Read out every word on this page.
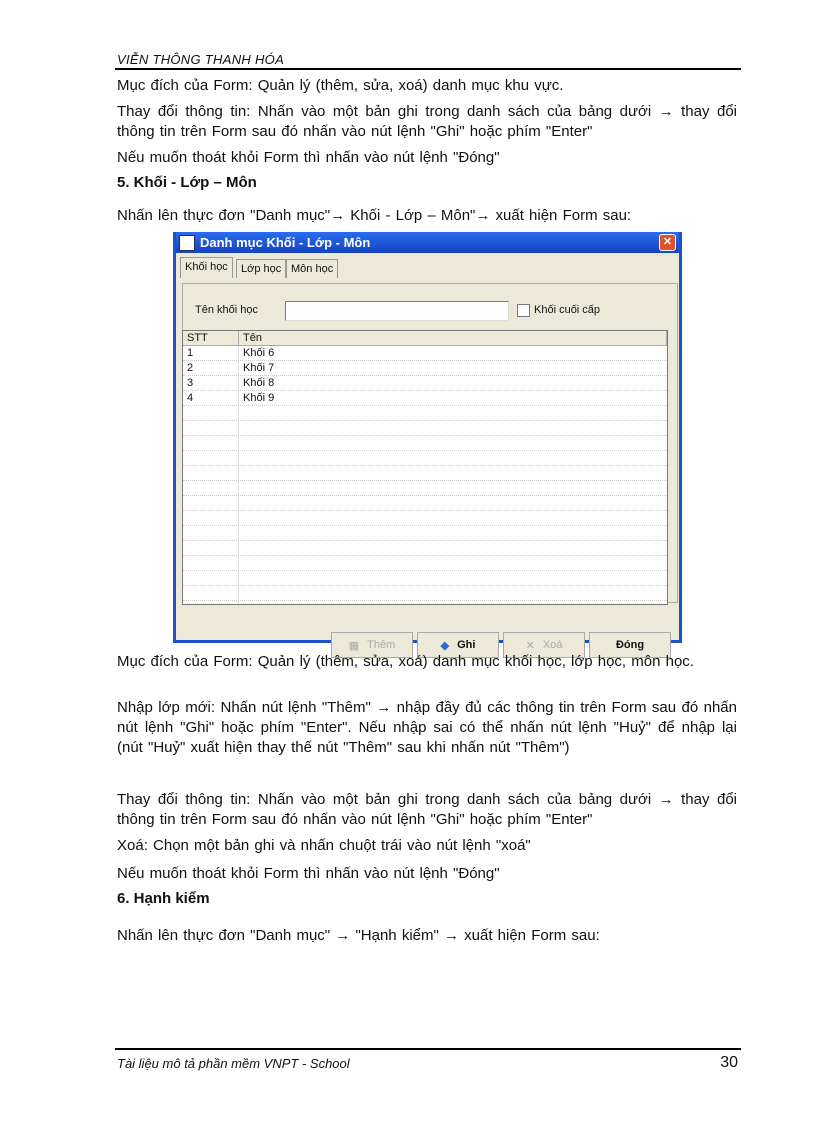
VIỄN THÔNG THANH HÓA
Mục đích của Form: Quản lý (thêm, sửa, xoá) danh mục khu vực.
Thay đổi thông tin: Nhấn vào một bản ghi trong danh sách của bảng dưới → thay đổi thông tin trên Form sau đó nhấn vào nút lệnh "Ghi" hoặc phím "Enter"
Nếu muốn thoát khỏi Form thì nhấn vào nút lệnh "Đóng"
5. Khối - Lớp – Môn
Nhấn lên thực đơn "Danh mục"→ Khối - Lớp – Môn"→ xuất hiện Form sau:
Danh mục Khối - Lớp - Môn	✕
Khối học	Lớp học Môn học
Tên khối học	Khối cuối cấp
STT	Tên
1	Khối 6
2	Khối 7
3	Khối 8
4	Khối 9
▦ Thêm	◆ Ghi	✕ Xoá	Đóng
Mục đích của Form: Quản lý (thêm, sửa, xoá) danh mục khối học, lớp học, môn học.
Nhập lớp mới: Nhấn nút lệnh "Thêm" → nhập đầy đủ các thông tin trên Form sau đó nhấn nút lệnh "Ghi" hoặc phím "Enter". Nếu nhập sai có thể nhấn nút lệnh "Huỷ" để nhập lại (nút "Huỷ" xuất hiện thay thế nút "Thêm" sau khi nhấn nút "Thêm")
Thay đổi thông tin: Nhấn vào một bản ghi trong danh sách của bảng dưới → thay đổi thông tin trên Form sau đó nhấn vào nút lệnh "Ghi" hoặc phím "Enter"
Xoá: Chọn một bản ghi và nhấn chuột trái vào nút lệnh "xoá"
Nếu muốn thoát khỏi Form thì nhấn vào nút lệnh "Đóng"
6. Hạnh kiểm
Nhấn lên thực đơn "Danh mục" → "Hạnh kiểm" → xuất hiện Form sau:
Tài liệu mô tả phần mềm VNPT - School	30
